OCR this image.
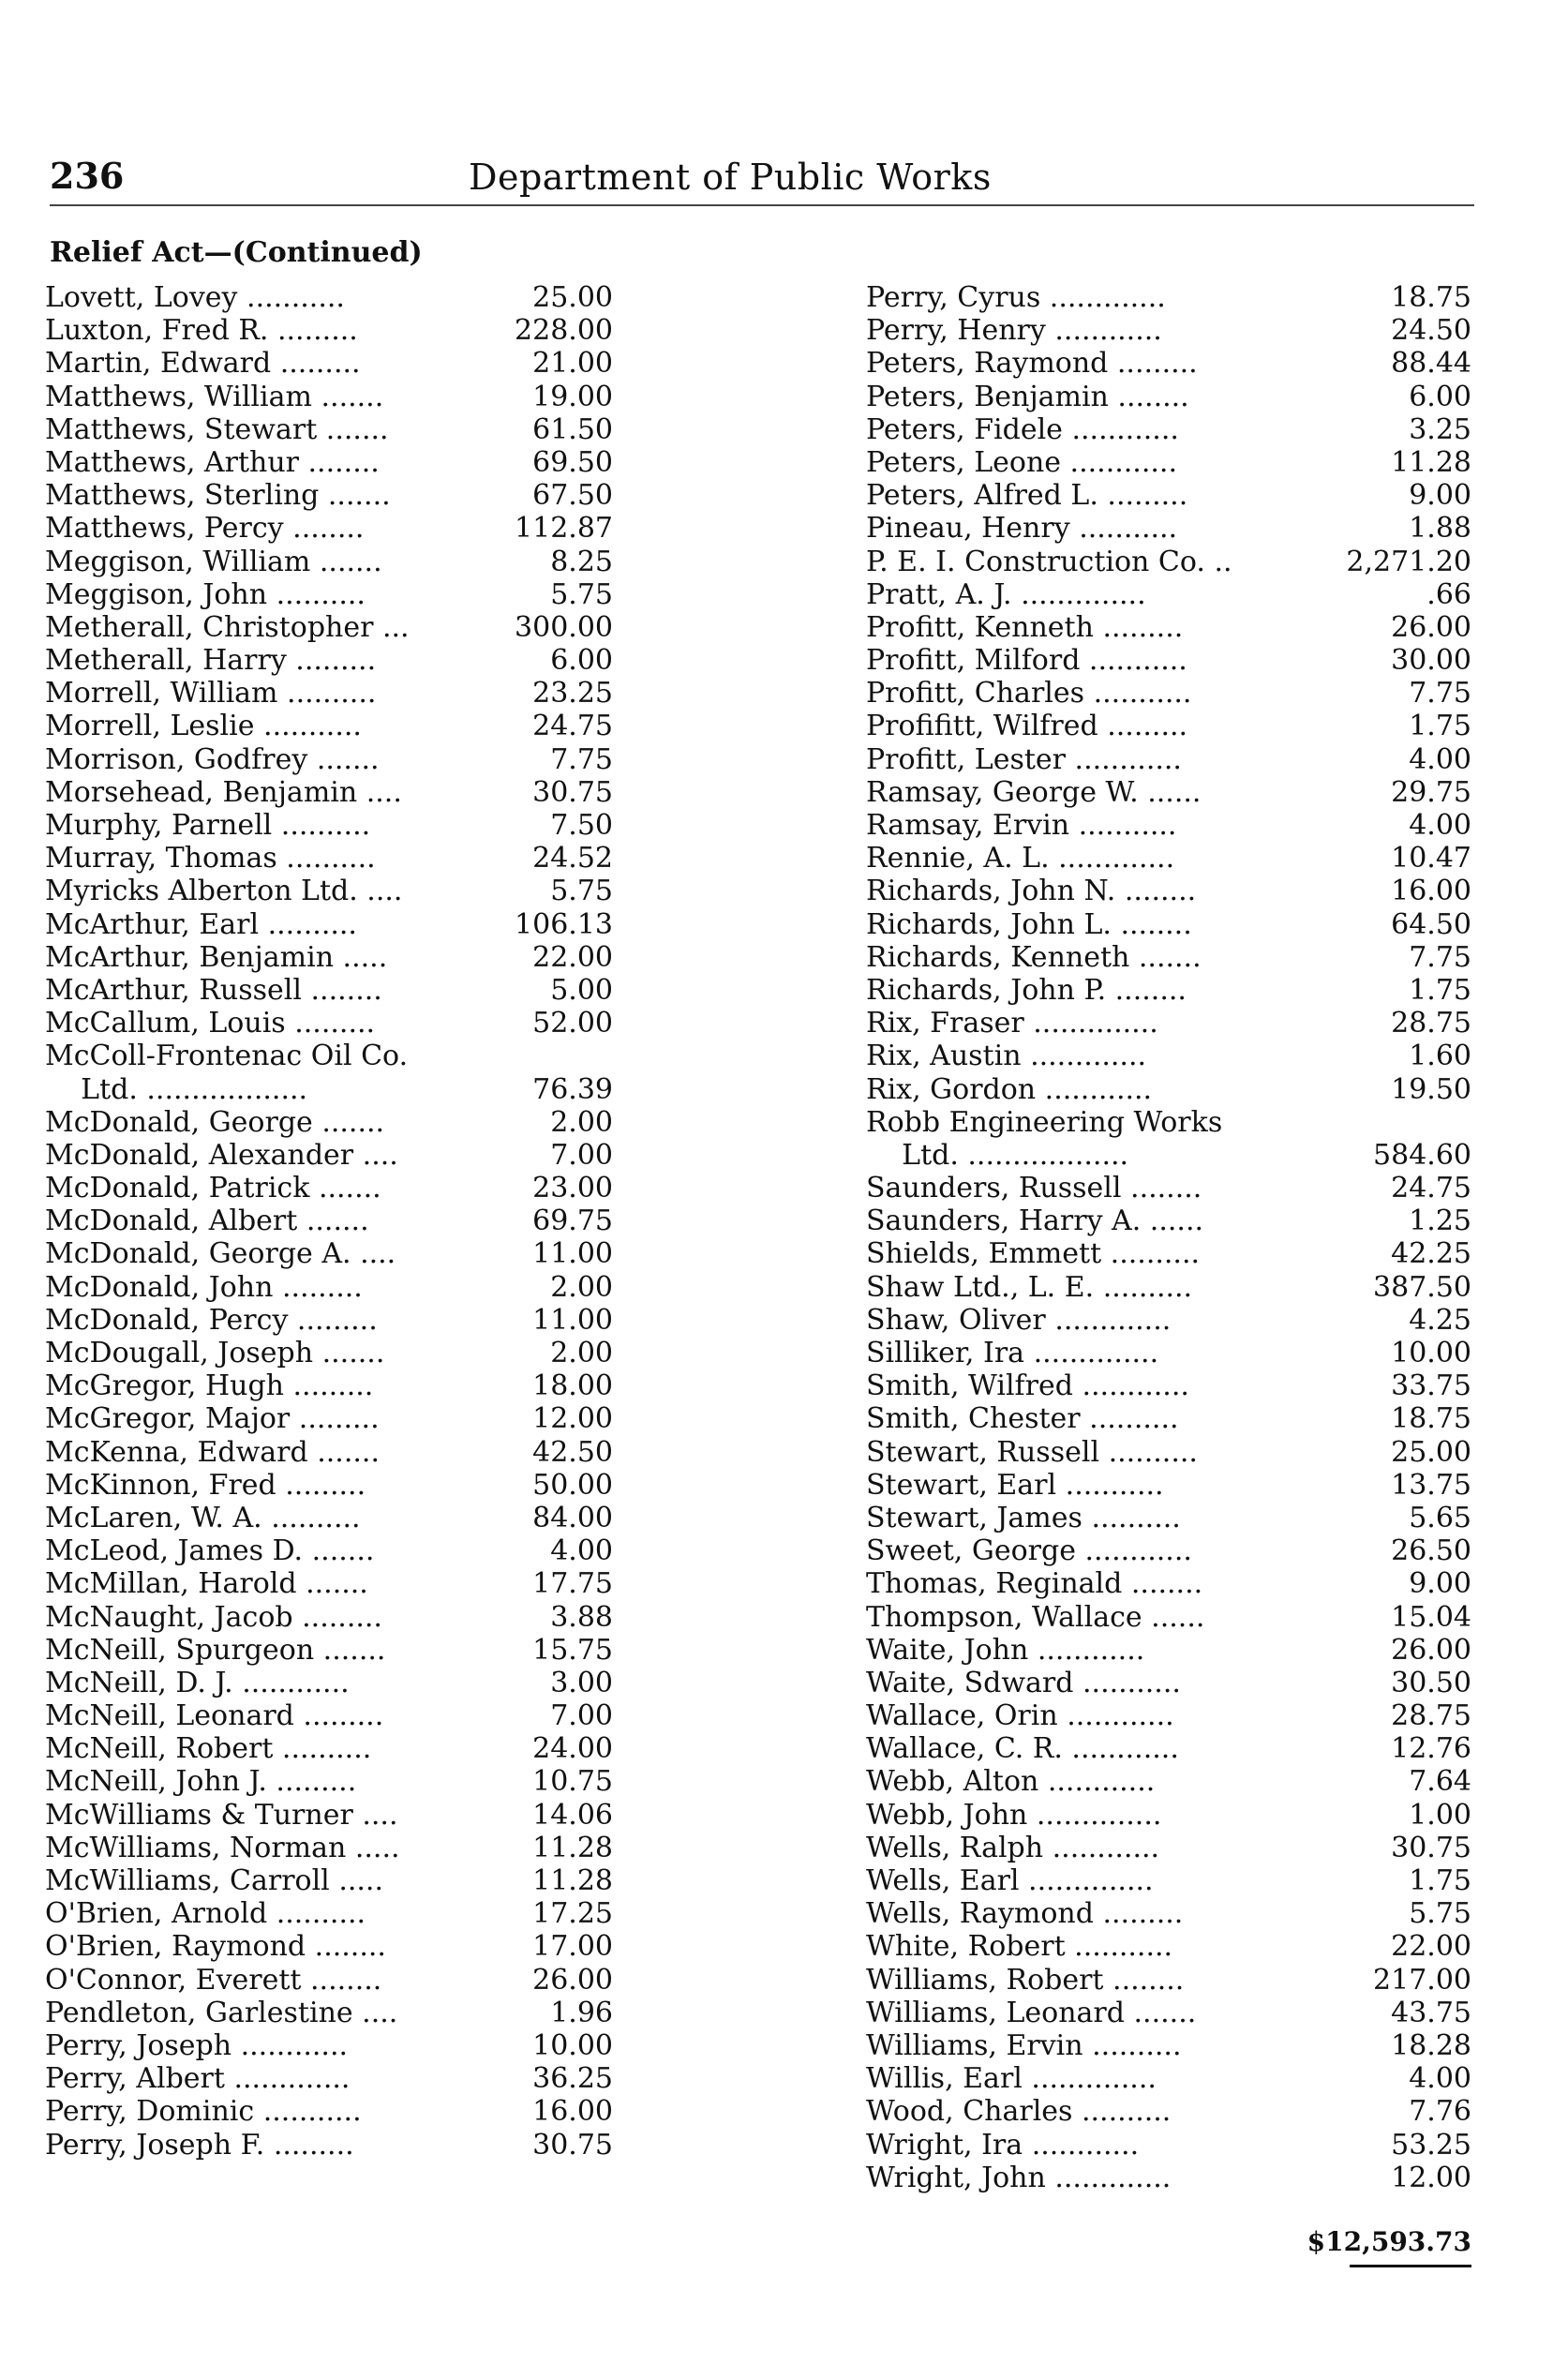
236	Department of Public Works
Relief Act—(Continued)
Lovett, Lovey ...........	25.00
Luxton, Fred R. .........	228.00
Martin, Edward .........	21.00
Matthews, William .......	19.00
Matthews, Stewart .......	61.50
Matthews, Arthur ........	69.50
Matthews, Sterling .......	67.50
Matthews, Percy ........	112.87
Meggison, William .......	8.25
Meggison, John ..........	5.75
Metherall, Christopher ...	300.00
Metherall, Harry .........	6.00
Morrell, William ..........	23.25
Morrell, Leslie ...........	24.75
Morrison, Godfrey .......	7.75
Morsehead, Benjamin ....	30.75
Murphy, Parnell ..........	7.50
Murray, Thomas ..........	24.52
Myricks Alberton Ltd. ....	5.75
McArthur, Earl ..........	106.13
McArthur, Benjamin .....	22.00
McArthur, Russell ........	5.00
McCallum, Louis .........	52.00
McColl-Frontenac Oil Co.
Ltd. ..................	76.39
McDonald, George .......	2.00
McDonald, Alexander ....	7.00
McDonald, Patrick .......	23.00
McDonald, Albert .......	69.75
McDonald, George A. ....	11.00
McDonald, John .........	2.00
McDonald, Percy .........	11.00
McDougall, Joseph .......	2.00
McGregor, Hugh .........	18.00
McGregor, Major .........	12.00
McKenna, Edward .......	42.50
McKinnon, Fred .........	50.00
McLaren, W. A. ..........	84.00
McLeod, James D. .......	4.00
McMillan, Harold .......	17.75
McNaught, Jacob .........	3.88
McNeill, Spurgeon .......	15.75
McNeill, D. J. ............	3.00
McNeill, Leonard .........	7.00
McNeill, Robert ..........	24.00
McNeill, John J. .........	10.75
McWilliams & Turner ....	14.06
McWilliams, Norman .....	11.28
McWilliams, Carroll .....	11.28
O'Brien, Arnold ..........	17.25
O'Brien, Raymond ........	17.00
O'Connor, Everett ........	26.00
Pendleton, Garlestine ....	1.96
Perry, Joseph ............	10.00
Perry, Albert .............	36.25
Perry, Dominic ...........	16.00
Perry, Joseph F. .........	30.75
Perry, Cyrus .............	18.75
Perry, Henry ............	24.50
Peters, Raymond .........	88.44
Peters, Benjamin ........	6.00
Peters, Fidele ............	3.25
Peters, Leone ............	11.28
Peters, Alfred L. .........	9.00
Pineau, Henry ...........	1.88
P. E. I. Construction Co. ..	2,271.20
Pratt, A. J. ..............	.66
Profitt, Kenneth .........	26.00
Profitt, Milford ...........	30.00
Profitt, Charles ...........	7.75
Profifitt, Wilfred .........	1.75
Profitt, Lester ............	4.00
Ramsay, George W. ......	29.75
Ramsay, Ervin ...........	4.00
Rennie, A. L. .............	10.47
Richards, John N. ........	16.00
Richards, John L. ........	64.50
Richards, Kenneth .......	7.75
Richards, John P. ........	1.75
Rix, Fraser ..............	28.75
Rix, Austin .............	1.60
Rix, Gordon ............	19.50
Robb Engineering Works
Ltd. ..................	584.60
Saunders, Russell ........	24.75
Saunders, Harry A. ......	1.25
Shields, Emmett ..........	42.25
Shaw Ltd., L. E. ..........	387.50
Shaw, Oliver .............	4.25
Silliker, Ira ..............	10.00
Smith, Wilfred ............	33.75
Smith, Chester ..........	18.75
Stewart, Russell ..........	25.00
Stewart, Earl ...........	13.75
Stewart, James ..........	5.65
Sweet, George ............	26.50
Thomas, Reginald ........	9.00
Thompson, Wallace ......	15.04
Waite, John ............	26.00
Waite, Sdward ...........	30.50
Wallace, Orin ............	28.75
Wallace, C. R. ............	12.76
Webb, Alton ............	7.64
Webb, John ..............	1.00
Wells, Ralph ............	30.75
Wells, Earl ..............	1.75
Wells, Raymond .........	5.75
White, Robert ...........	22.00
Williams, Robert ........	217.00
Williams, Leonard .......	43.75
Williams, Ervin ..........	18.28
Willis, Earl ..............	4.00
Wood, Charles ..........	7.76
Wright, Ira ............	53.25
Wright, John .............	12.00
$12,593.73
